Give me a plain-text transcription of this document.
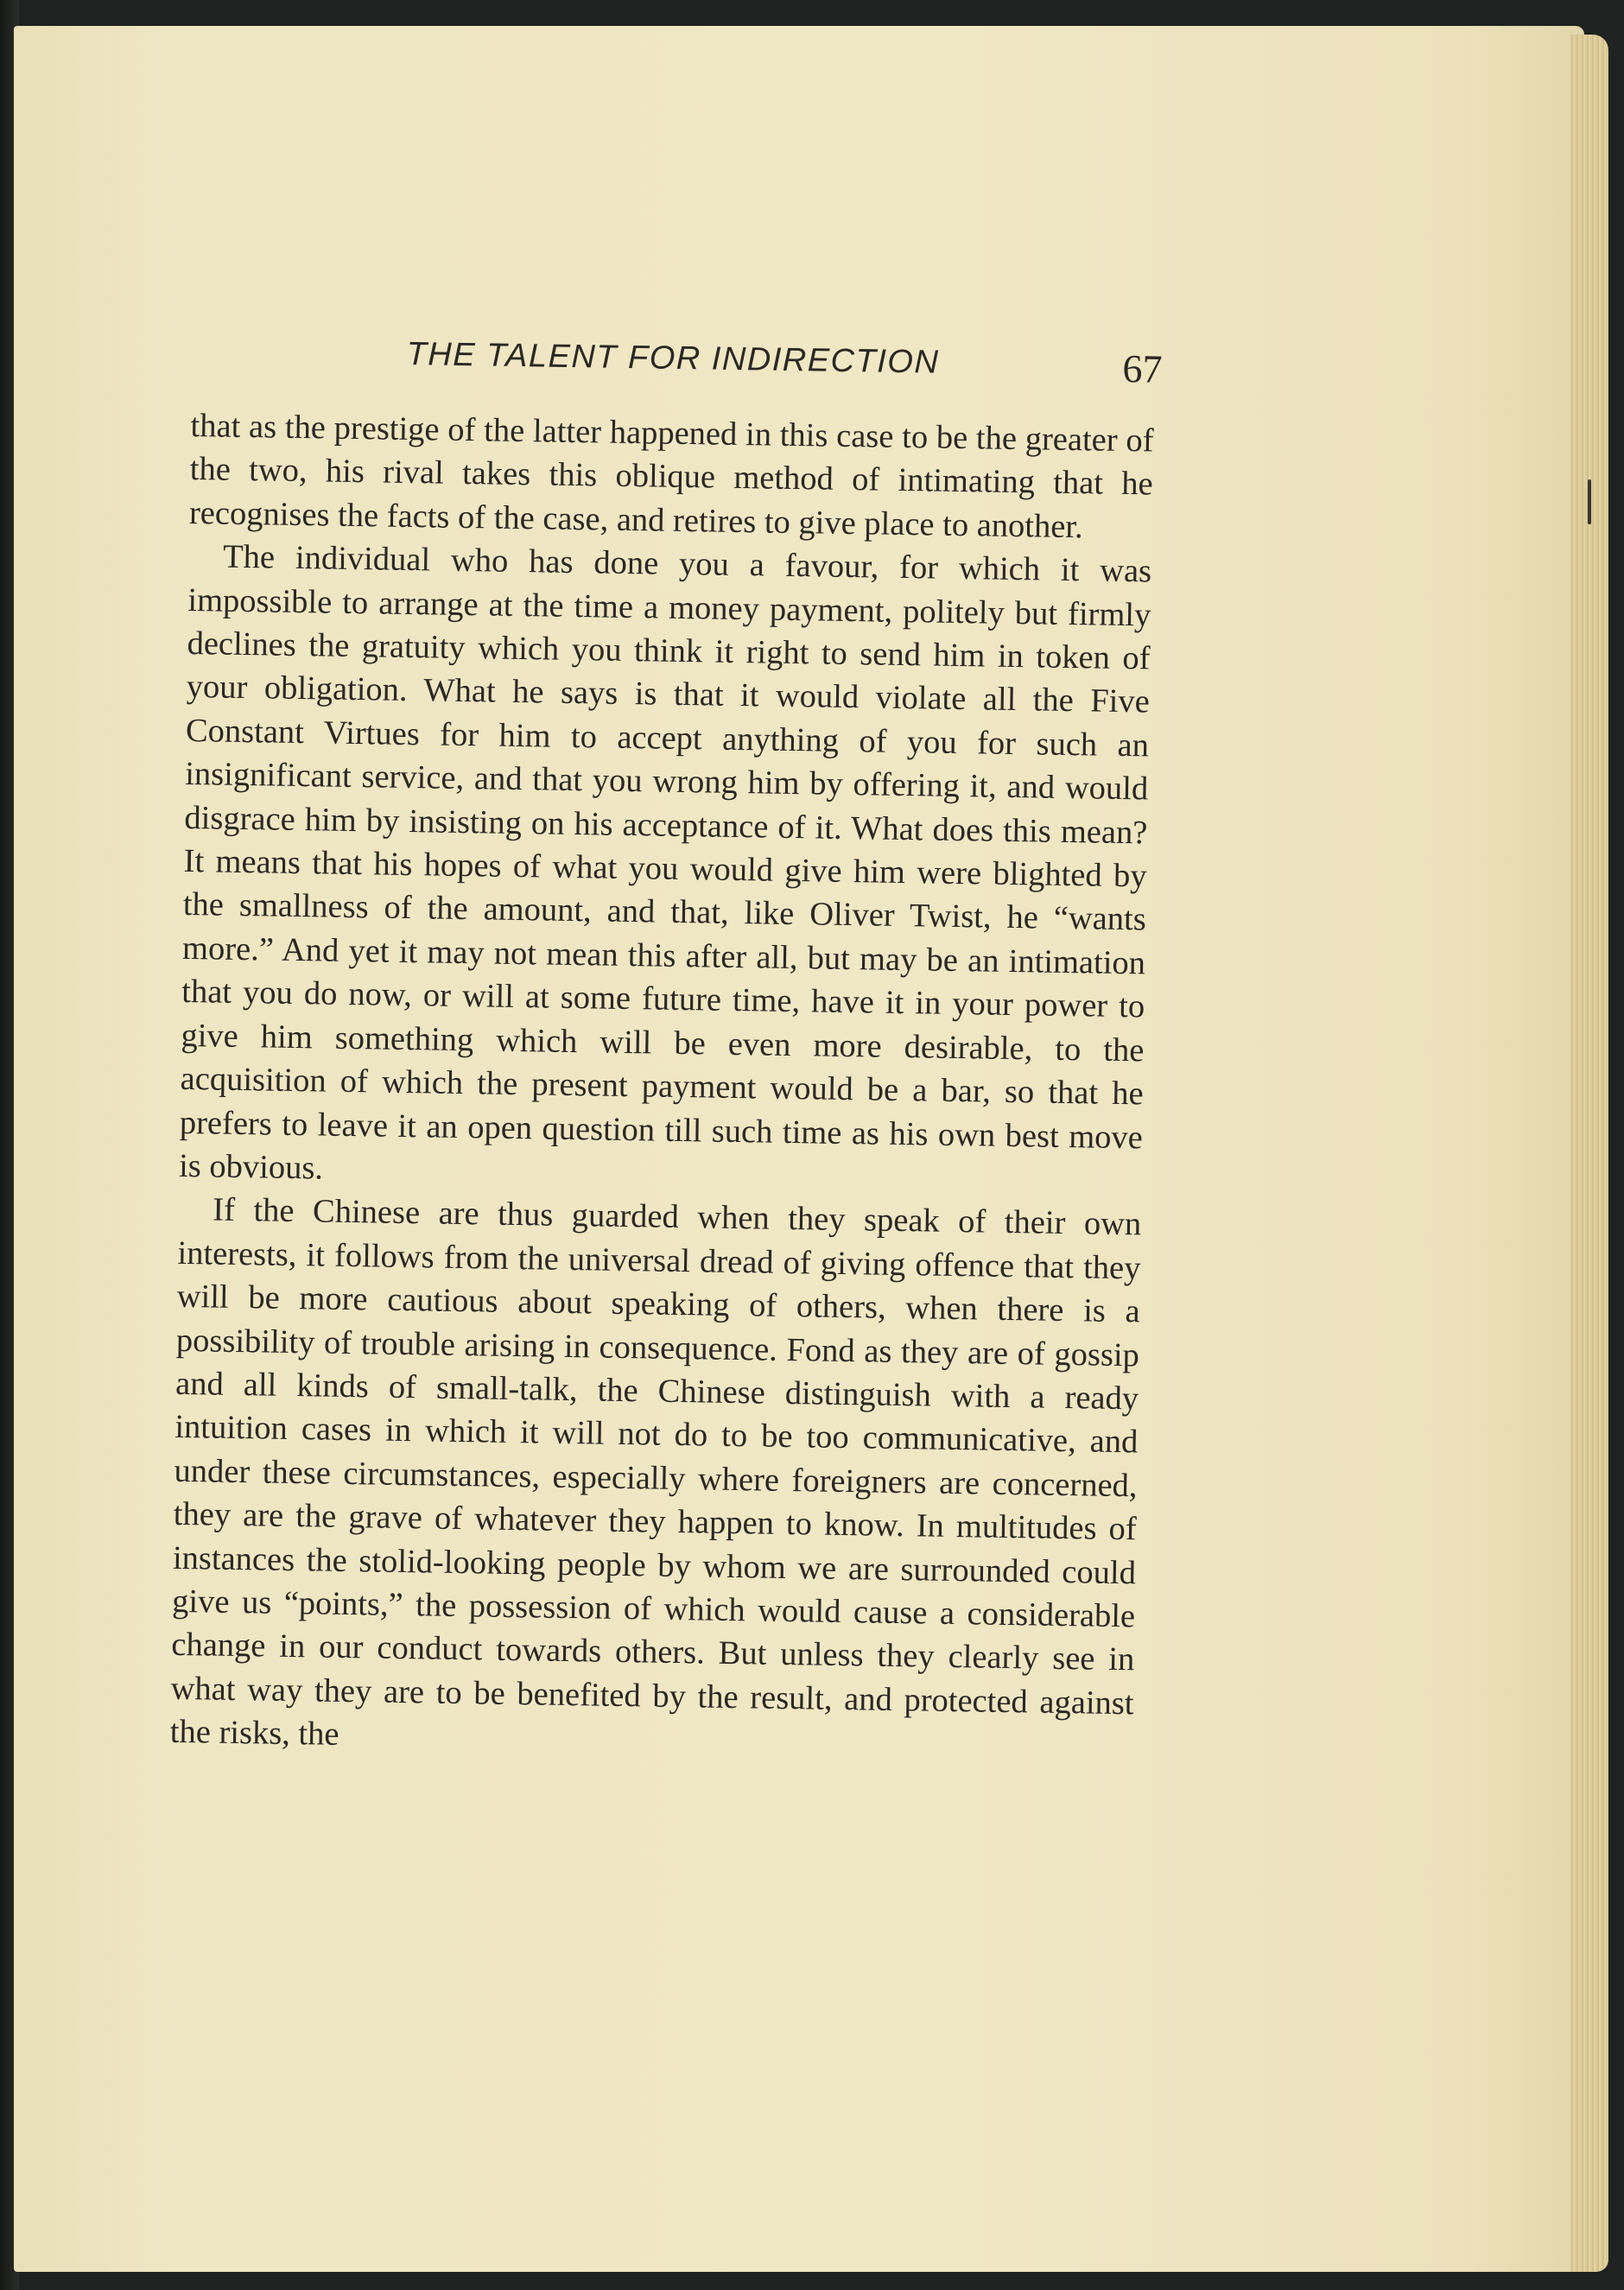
THE TALENT FOR INDIRECTION	67

that as the prestige of the latter happened in this case to be the greater of the two, his rival takes this oblique method of intimating that he recognises the facts of the case, and retires to give place to another.

The individual who has done you a favour, for which it was impossible to arrange at the time a money payment, politely but firmly declines the gratuity which you think it right to send him in token of your obligation. What he says is that it would violate all the Five Constant Virtues for him to accept anything of you for such an insignificant service, and that you wrong him by offering it, and would disgrace him by insisting on his acceptance of it. What does this mean? It means that his hopes of what you would give him were blighted by the smallness of the amount, and that, like Oliver Twist, he “wants more.” And yet it may not mean this after all, but may be an intimation that you do now, or will at some future time, have it in your power to give him something which will be even more desirable, to the acquisition of which the present payment would be a bar, so that he prefers to leave it an open question till such time as his own best move is obvious.

If the Chinese are thus guarded when they speak of their own interests, it follows from the universal dread of giving offence that they will be more cautious about speaking of others, when there is a possibility of trouble arising in consequence. Fond as they are of gossip and all kinds of small-talk, the Chinese distinguish with a ready intuition cases in which it will not do to be too communicative, and under these circumstances, especially where foreigners are concerned, they are the grave of whatever they happen to know. In multitudes of instances the stolid-looking people by whom we are surrounded could give us “points,” the possession of which would cause a considerable change in our conduct towards others. But unless they clearly see in what way they are to be benefited by the result, and protected against the risks, the
